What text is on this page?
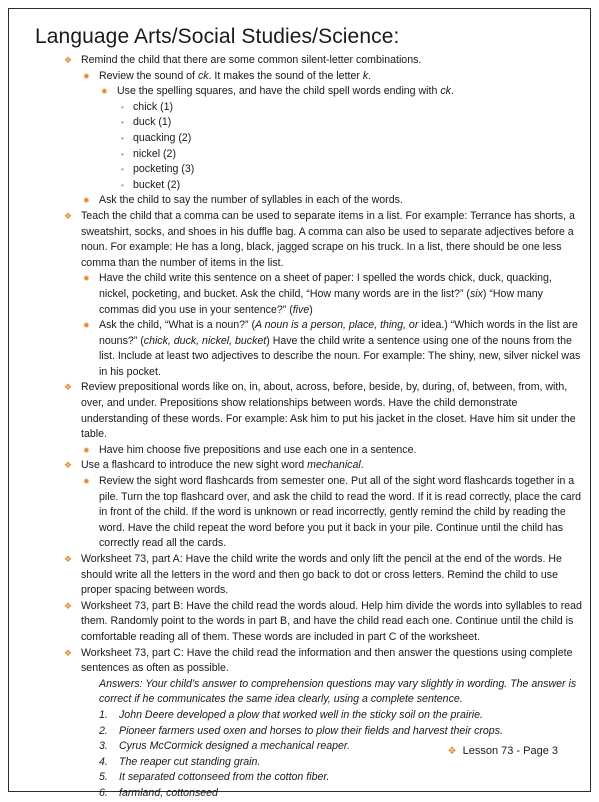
Language Arts/Social Studies/Science:
❖ Remind the child that there are some common silent-letter combinations.
✹ Review the sound of ck. It makes the sound of the letter k.
✹ Use the spelling squares, and have the child spell words ending with ck.
• chick (1)
• duck (1)
• quacking (2)
• nickel (2)
• pocketing (3)
• bucket (2)
✹ Ask the child to say the number of syllables in each of the words.
❖ Teach the child that a comma can be used to separate items in a list. For example: Terrance has shorts, a sweatshirt, socks, and shoes in his duffle bag. A comma can also be used to separate adjectives before a noun. For example: He has a long, black, jagged scrape on his truck. In a list, there should be one less comma than the number of items in the list.
✹ Have the child write this sentence on a sheet of paper: I spelled the words chick, duck, quacking, nickel, pocketing, and bucket. Ask the child, “How many words are in the list?” (six) “How many commas did you use in your sentence?” (five)
✹ Ask the child, “What is a noun?” (A noun is a person, place, thing, or idea.) “Which words in the list are nouns?” (chick, duck, nickel, bucket) Have the child write a sentence using one of the nouns from the list. Include at least two adjectives to describe the noun. For example: The shiny, new, silver nickel was in his pocket.
❖ Review prepositional words like on, in, about, across, before, beside, by, during, of, between, from, with, over, and under. Prepositions show relationships between words. Have the child demonstrate understanding of these words. For example: Ask him to put his jacket in the closet. Have him sit under the table.
✹ Have him choose five prepositions and use each one in a sentence.
❖ Use a flashcard to introduce the new sight word mechanical.
✹ Review the sight word flashcards from semester one. Put all of the sight word flashcards together in a pile. Turn the top flashcard over, and ask the child to read the word. If it is read correctly, place the card in front of the child. If the word is unknown or read incorrectly, gently remind the child by reading the word. Have the child repeat the word before you put it back in your pile. Continue until the child has correctly read all the cards.
❖ Worksheet 73, part A: Have the child write the words and only lift the pencil at the end of the words. He should write all the letters in the word and then go back to dot or cross letters. Remind the child to use proper spacing between words.
❖ Worksheet 73, part B: Have the child read the words aloud. Help him divide the words into syllables to read them. Randomly point to the words in part B, and have the child read each one. Continue until the child is comfortable reading all of them. These words are included in part C of the worksheet.
❖ Worksheet 73, part C: Have the child read the information and then answer the questions using complete sentences as often as possible.
Answers: Your child’s answer to comprehension questions may vary slightly in wording. The answer is correct if he communicates the same idea clearly, using a complete sentence.
1. John Deere developed a plow that worked well in the sticky soil on the prairie.
2. Pioneer farmers used oxen and horses to plow their fields and harvest their crops.
3. Cyrus McCormick designed a mechanical reaper.
4. The reaper cut standing grain.
5. It separated cottonseed from the cotton fiber.
6. farmland, cottonseed
❖ Lesson 73 - Page 3
